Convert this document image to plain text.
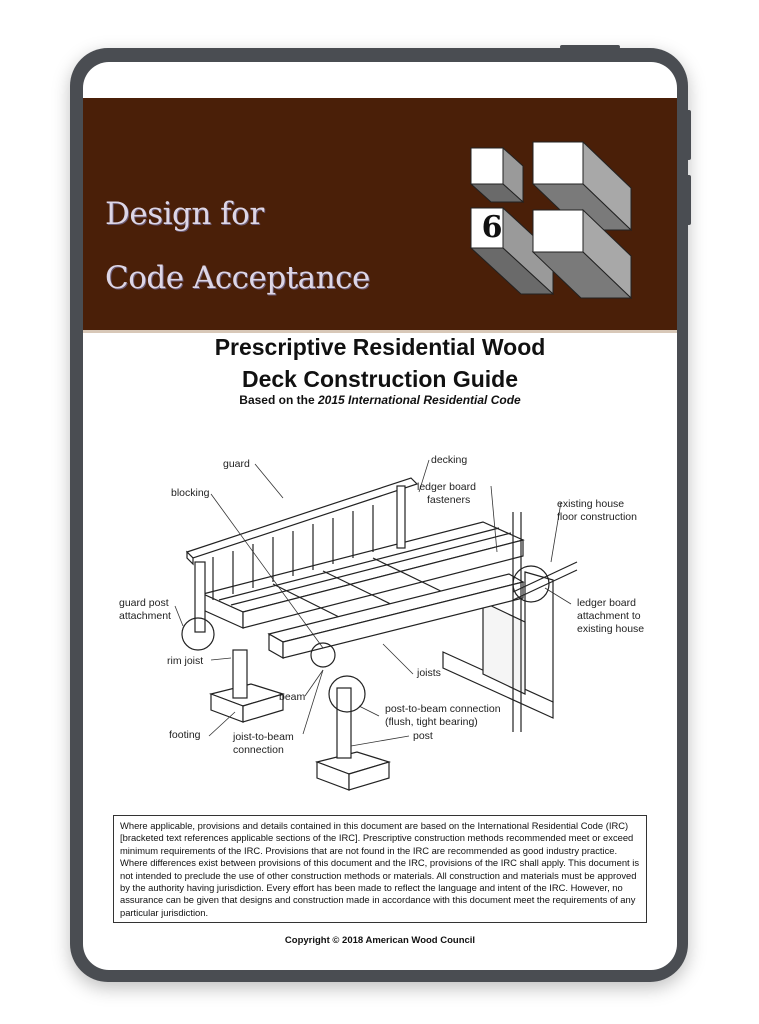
6

Design for

Code Acceptance

Prescriptive Residential Wood
Deck Construction Guide
Based on the 2015 International Residential Code
guard	decking
blocking	ledger board
fasteners	existing house
floor construction
guard post
attachment
ledger board
attachment to
existing house
rim joist
joists
beam
post-to-beam connection
(flush, tight bearing)
footing	joist-to-beam
connection
post
Where applicable, provisions and details contained in this document are based on the International Residential Code (IRC) [bracketed text references applicable sections of the IRC]. Prescriptive construction methods recommended meet or exceed minimum requirements of the IRC. Provisions that are not found in the IRC are recommended as good industry practice. Where differences exist between provisions of this document and the IRC, provisions of the IRC shall apply. This document is not intended to preclude the use of other construction methods or materials. All construction and materials must be approved by the authority having jurisdiction. Every effort has been made to reflect the language and intent of the IRC. However, no assurance can be given that designs and construction made in accordance with this document meet the requirements of any particular jurisdiction.
Copyright © 2018 American Wood Council
